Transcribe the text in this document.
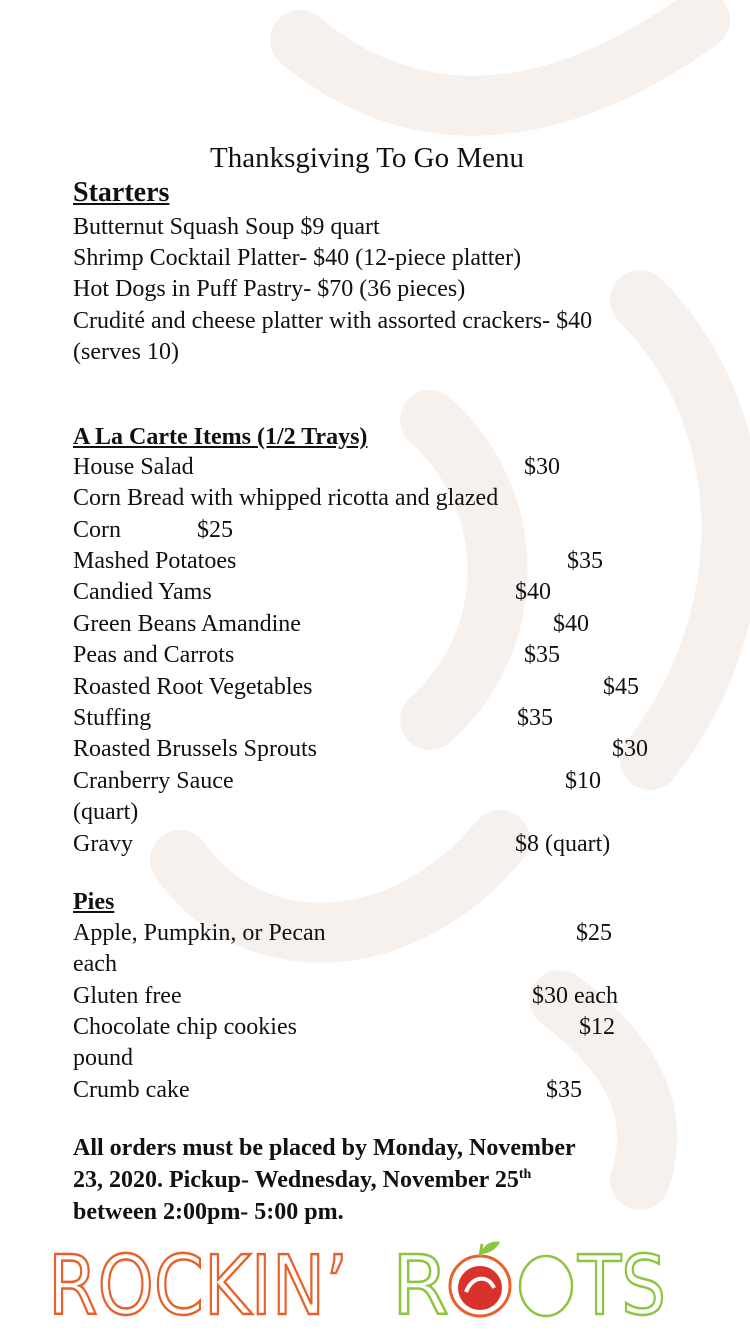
Thanksgiving To Go Menu
Starters
Butternut Squash Soup $9 quart
Shrimp Cocktail Platter- $40 (12-piece platter)
Hot Dogs in Puff Pastry- $70 (36 pieces)
Crudité and cheese platter with assorted crackers- $40
(serves 10)
A La Carte Items (1/2 Trays)
House Salad	$30
Corn Bread with whipped ricotta and glazed
Corn	$25
Mashed Potatoes	$35
Candied Yams	$40
Green Beans Amandine	$40
Peas and Carrots	$35
Roasted Root Vegetables	$45
Stuffing	$35
Roasted Brussels Sprouts	$30
Cranberry Sauce	$10
(quart)
Gravy	$8 (quart)
Pies
Apple, Pumpkin, or Pecan	$25
each
Gluten free	$30 each
Chocolate chip cookies	$12
pound
Crumb cake	$35
All orders must be placed by Monday, November
23, 2020. Pickup- Wednesday, November 25th
between 2:00pm- 5:00 pm.
ROCKIN’ R TS
